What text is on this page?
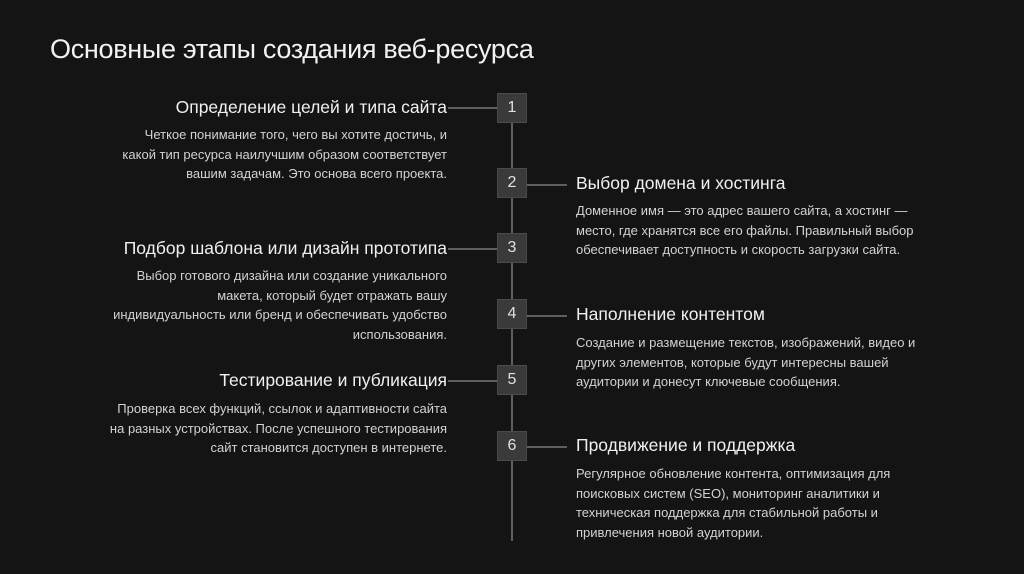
Основные этапы создания веб-ресурса
1
Определение целей и типа сайта
Четкое понимание того, чего вы хотите достичь, и
какой тип ресурса наилучшим образом соответствует
вашим задачам. Это основа всего проекта.
2	Выбор домена и хостинга
Доменное имя — это адрес вашего сайта, а хостинг —
место, где хранятся все его файлы. Правильный выбор
обеспечивает доступность и скорость загрузки сайта.
3
Подбор шаблона или дизайн прототипа
Выбор готового дизайна или создание уникального
макета, который будет отражать вашу
индивидуальность или бренд и обеспечивать удобство
использования.
4	Наполнение контентом
Создание и размещение текстов, изображений, видео и
других элементов, которые будут интересны вашей
аудитории и донесут ключевые сообщения.
5
Тестирование и публикация
Проверка всех функций, ссылок и адаптивности сайта
на разных устройствах. После успешного тестирования
сайт становится доступен в интернете.	6	Продвижение и поддержка
Регулярное обновление контента, оптимизация для
поисковых систем (SEO), мониторинг аналитики и
техническая поддержка для стабильной работы и
привлечения новой аудитории.
